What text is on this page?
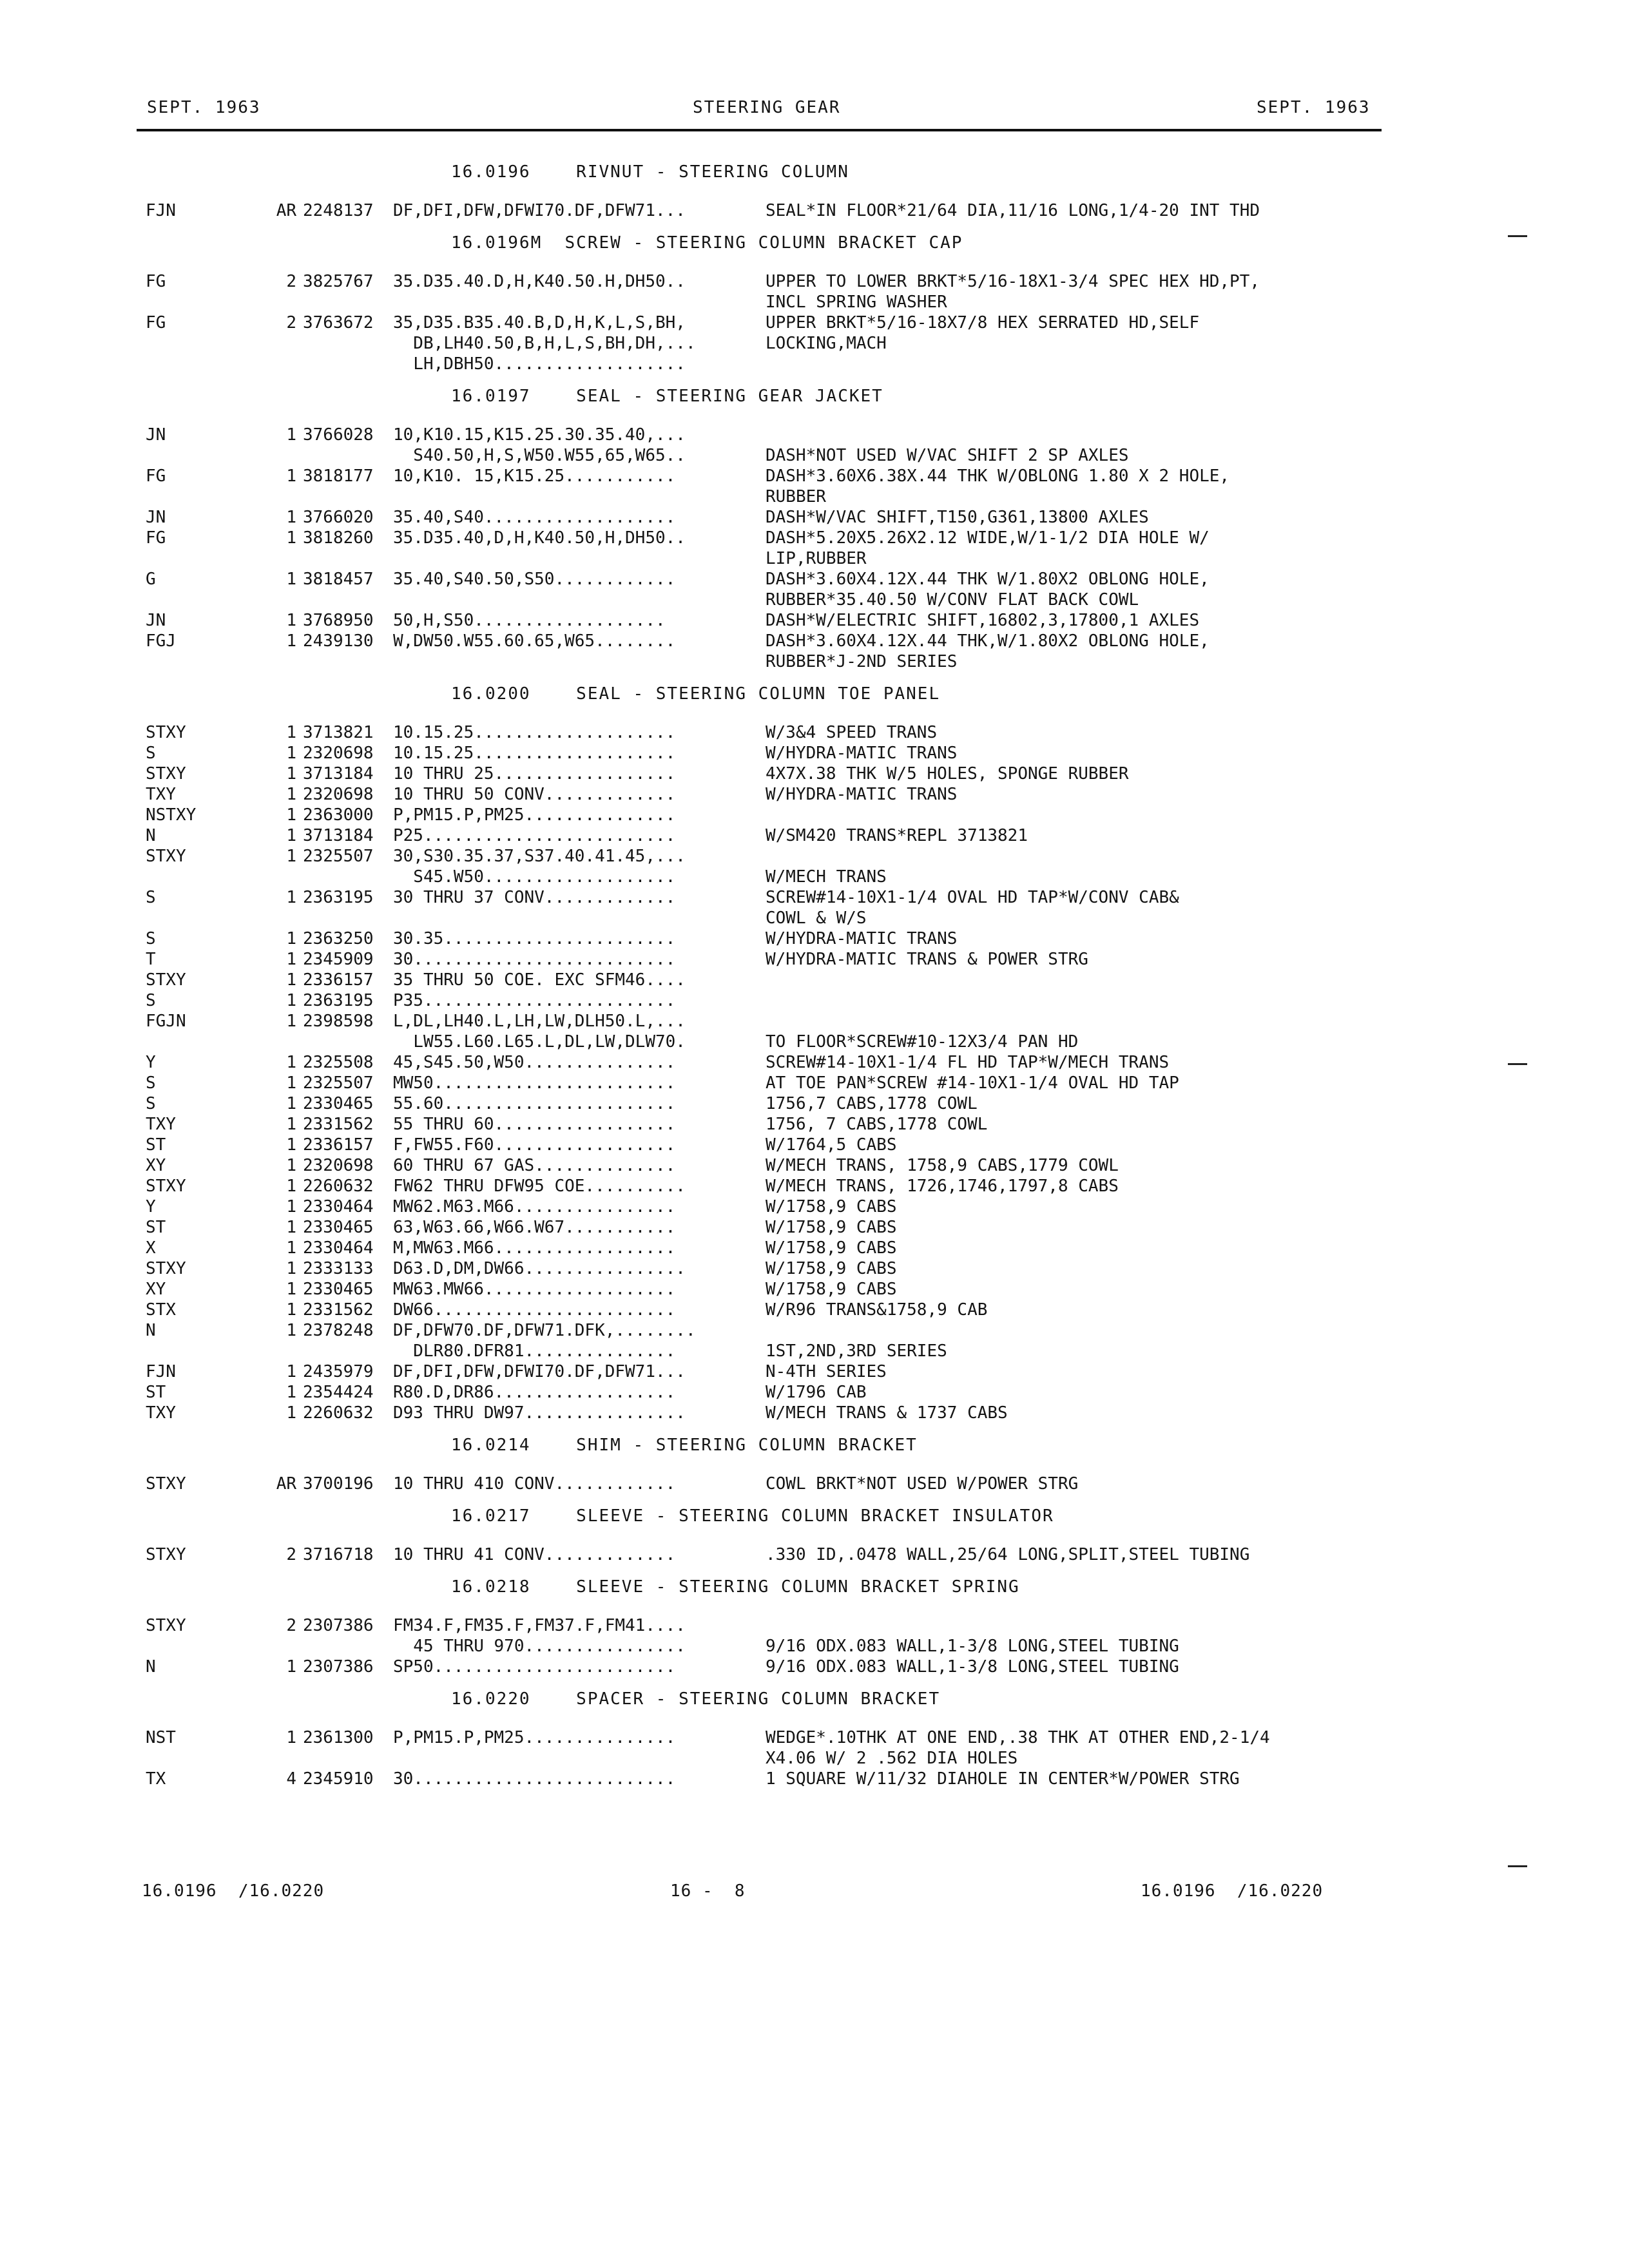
SEPT. 1963	STEERING GEAR	SEPT. 1963
16.0196    RIVNUT - STEERING COLUMN
FJN	AR 2248137 DF,DFI,DFW,DFWI70.DF,DFW71...	SEAL*IN FLOOR*21/64 DIA,11/16 LONG,1/4-20 INT THD
16.0196M  SCREW - STEERING COLUMN BRACKET CAP
FG	2 3825767 35.D35.40.D,H,K40.50.H,DH50..	UPPER TO LOWER BRKT*5/16-18X1-3/4 SPEC HEX HD,PT,
INCL SPRING WASHER
FG	2 3763672 35,D35.B35.40.B,D,H,K,L,S,BH,	UPPER BRKT*5/16-18X7/8 HEX SERRATED HD,SELF
DB,LH40.50,B,H,L,S,BH,DH,...	LOCKING,MACH
LH,DBH50...................
16.0197    SEAL - STEERING GEAR JACKET
JN	1 3766028 10,K10.15,K15.25.30.35.40,...
S40.50,H,S,W50.W55,65,W65..	DASH*NOT USED W/VAC SHIFT 2 SP AXLES
FG	1 3818177 10,K10. 15,K15.25...........	DASH*3.60X6.38X.44 THK W/OBLONG 1.80 X 2 HOLE,
RUBBER
JN	1 3766020 35.40,S40...................	DASH*W/VAC SHIFT,T150,G361,13800 AXLES
FG	1 3818260 35.D35.40,D,H,K40.50,H,DH50..	DASH*5.20X5.26X2.12 WIDE,W/1-1/2 DIA HOLE W/
LIP,RUBBER
G	1 3818457 35.40,S40.50,S50............	DASH*3.60X4.12X.44 THK W/1.80X2 OBLONG HOLE,
RUBBER*35.40.50 W/CONV FLAT BACK COWL
JN	1 3768950 50,H,S50...................	DASH*W/ELECTRIC SHIFT,16802,3,17800,1 AXLES
FGJ	1 2439130 W,DW50.W55.60.65,W65........	DASH*3.60X4.12X.44 THK,W/1.80X2 OBLONG HOLE,
RUBBER*J-2ND SERIES
16.0200    SEAL - STEERING COLUMN TOE PANEL
STXY	1 3713821 10.15.25....................	W/3&4 SPEED TRANS
S	1 2320698 10.15.25....................	W/HYDRA-MATIC TRANS
STXY	1 3713184 10 THRU 25..................	4X7X.38 THK W/5 HOLES, SPONGE RUBBER
TXY	1 2320698 10 THRU 50 CONV.............	W/HYDRA-MATIC TRANS
NSTXY	1 2363000 P,PM15.P,PM25...............
N	1 3713184 P25.........................	W/SM420 TRANS*REPL 3713821
STXY	1 2325507 30,S30.35.37,S37.40.41.45,...
S45.W50...................	W/MECH TRANS
S	1 2363195 30 THRU 37 CONV.............	SCREW#14-10X1-1/4 OVAL HD TAP*W/CONV CAB&
COWL & W/S
S	1 2363250 30.35.......................	W/HYDRA-MATIC TRANS
T	1 2345909 30..........................	W/HYDRA-MATIC TRANS & POWER STRG
STXY	1 2336157 35 THRU 50 COE. EXC SFM46....
S	1 2363195 P35.........................
FGJN	1 2398598 L,DL,LH40.L,LH,LW,DLH50.L,...
LW55.L60.L65.L,DL,LW,DLW70.	TO FLOOR*SCREW#10-12X3/4 PAN HD
Y	1 2325508 45,S45.50,W50...............	SCREW#14-10X1-1/4 FL HD TAP*W/MECH TRANS
S	1 2325507 MW50........................	AT TOE PAN*SCREW #14-10X1-1/4 OVAL HD TAP
S	1 2330465 55.60.......................	1756,7 CABS,1778 COWL
TXY	1 2331562 55 THRU 60..................	1756, 7 CABS,1778 COWL
ST	1 2336157 F,FW55.F60..................	W/1764,5 CABS
XY	1 2320698 60 THRU 67 GAS..............	W/MECH TRANS, 1758,9 CABS,1779 COWL
STXY	1 2260632 FW62 THRU DFW95 COE..........	W/MECH TRANS, 1726,1746,1797,8 CABS
Y	1 2330464 MW62.M63.M66................	W/1758,9 CABS
ST	1 2330465 63,W63.66,W66.W67...........	W/1758,9 CABS
X	1 2330464 M,MW63.M66..................	W/1758,9 CABS
STXY	1 2333133 D63.D,DM,DW66................	W/1758,9 CABS
XY	1 2330465 MW63.MW66...................	W/1758,9 CABS
STX	1 2331562 DW66........................	W/R96 TRANS&1758,9 CAB
N	1 2378248 DF,DFW70.DF,DFW71.DFK,........
DLR80.DFR81...............	1ST,2ND,3RD SERIES
FJN	1 2435979 DF,DFI,DFW,DFWI70.DF,DFW71...	N-4TH SERIES
ST	1 2354424 R80.D,DR86..................	W/1796 CAB
TXY	1 2260632 D93 THRU DW97................	W/MECH TRANS & 1737 CABS
16.0214    SHIM - STEERING COLUMN BRACKET
STXY	AR 3700196 10 THRU 410 CONV............	COWL BRKT*NOT USED W/POWER STRG
16.0217    SLEEVE - STEERING COLUMN BRACKET INSULATOR
STXY	2 3716718 10 THRU 41 CONV.............	.330 ID,.0478 WALL,25/64 LONG,SPLIT,STEEL TUBING
16.0218    SLEEVE - STEERING COLUMN BRACKET SPRING
STXY	2 2307386 FM34.F,FM35.F,FM37.F,FM41....
45 THRU 970................	9/16 ODX.083 WALL,1-3/8 LONG,STEEL TUBING
N	1 2307386 SP50........................	9/16 ODX.083 WALL,1-3/8 LONG,STEEL TUBING
16.0220    SPACER - STEERING COLUMN BRACKET
NST	1 2361300 P,PM15.P,PM25...............	WEDGE*.10THK AT ONE END,.38 THK AT OTHER END,2-1/4
X4.06 W/ 2 .562 DIA HOLES
TX	4 2345910 30..........................	1 SQUARE W/11/32 DIAHOLE IN CENTER*W/POWER STRG
16.0196  /16.0220	16 -  8	16.0196  /16.0220
